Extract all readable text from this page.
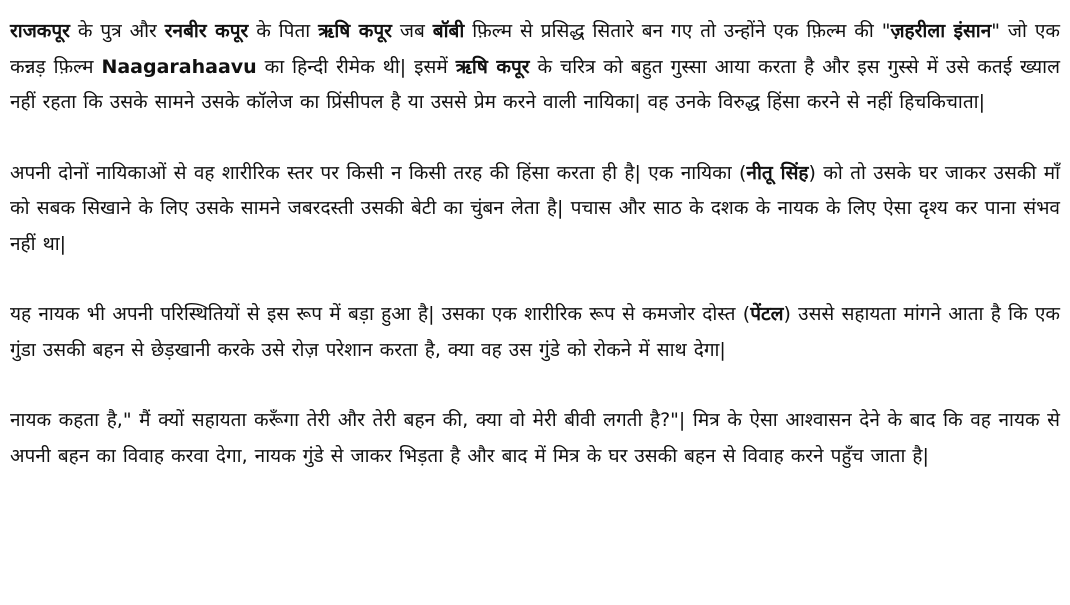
राजकपूर के पुत्र और रनबीर कपूर के पिता ऋषि कपूर जब बॉबी फ़िल्म से प्रसिद्ध सितारे बन गए तो उन्होंने एक फ़िल्म की "ज़हरीला इंसान" जो एक कन्नड़ फ़िल्म Naagarahaavu का हिन्दी रीमेक थी| इसमें ऋषि कपूर के चरित्र को बहुत गुस्सा आया करता है और इस गुस्से में उसे कतई ख्याल नहीं रहता कि उसके सामने उसके कॉलेज का प्रिंसीपल है या उससे प्रेम करने वाली नायिका| वह उनके विरुद्ध हिंसा करने से नहीं हिचकिचाता|

अपनी दोनों नायिकाओं से वह शारीरिक स्तर पर किसी न किसी तरह की हिंसा करता ही है| एक नायिका (नीतू सिंह) को तो उसके घर जाकर उसकी माँ को सबक सिखाने के लिए उसके सामने जबरदस्ती उसकी बेटी का चुंबन लेता है| पचास और साठ के दशक के नायक के लिए ऐसा दृश्य कर पाना संभव नहीं था|

यह नायक भी अपनी परिस्थितियों से इस रूप में बड़ा हुआ है| उसका एक शारीरिक रूप से कमजोर दोस्त (पेंटल) उससे सहायता मांगने आता है कि एक गुंडा उसकी बहन से छेड़खानी करके उसे रोज़ परेशान करता है, क्या वह उस गुंडे को रोकने में साथ देगा|

नायक कहता है," मैं क्यों सहायता करूँगा तेरी और तेरी बहन की, क्या वो मेरी बीवी लगती है?"| मित्र के ऐसा आश्वासन देने के बाद कि वह नायक से अपनी बहन का विवाह करवा देगा, नायक गुंडे से जाकर भिड़ता है और बाद में मित्र के घर उसकी बहन से विवाह करने पहुँच जाता है|
